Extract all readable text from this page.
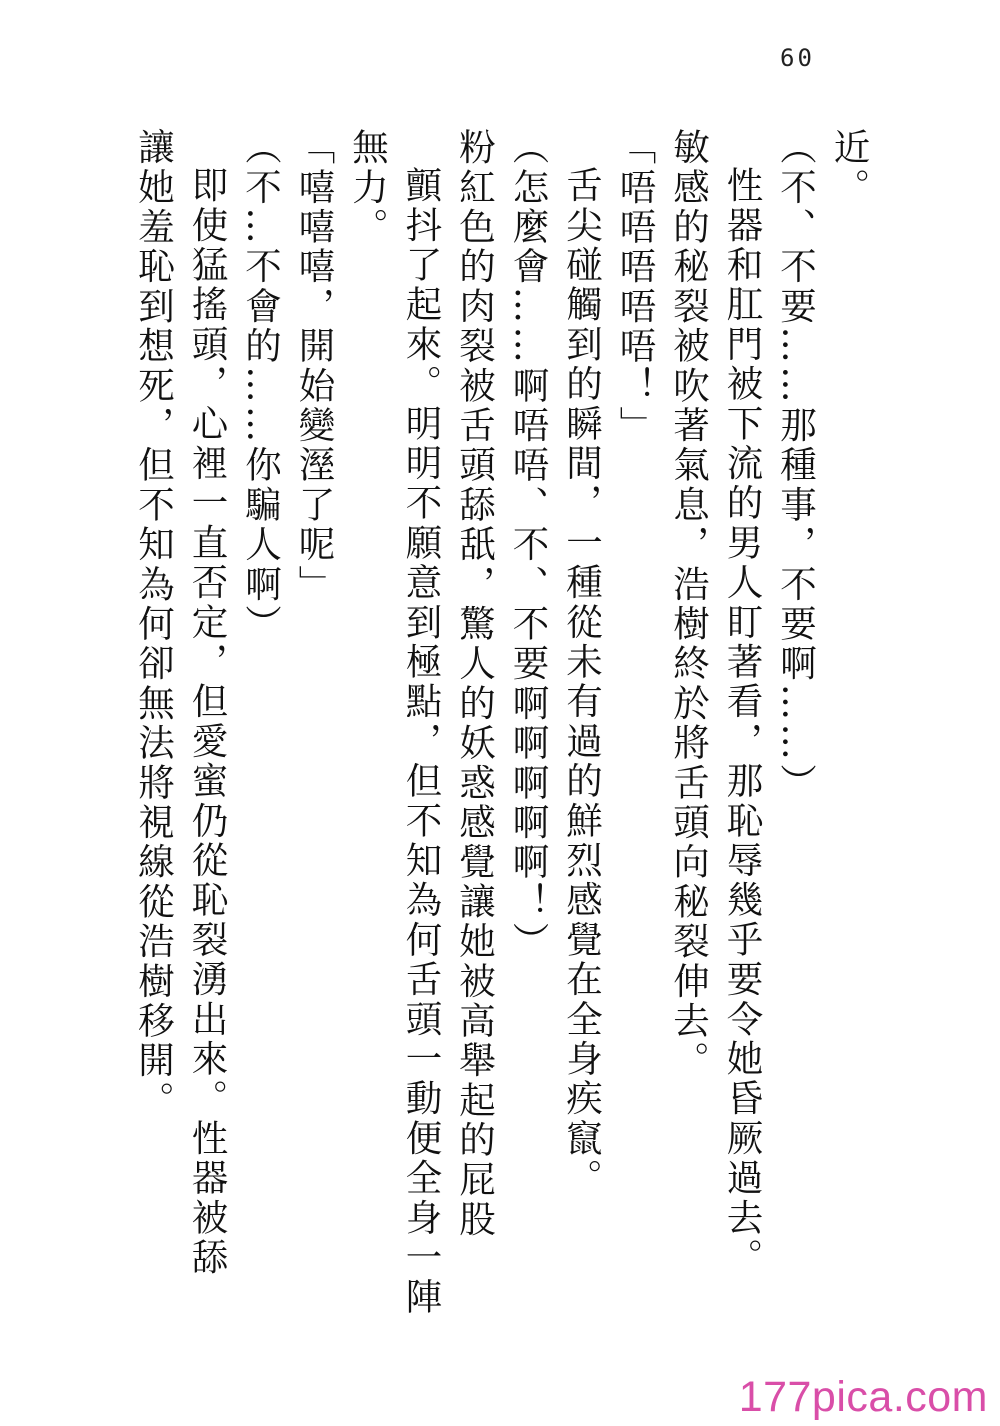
60

近。

（不、不要……那種事，不要啊……）

性器和肛門被下流的男人盯著看，那恥辱幾乎要令她昏厥過去。

敏感的秘裂被吹著氣息，浩樹終於將舌頭向秘裂伸去。

「唔唔唔唔唔！」

舌尖碰觸到的瞬間，一種從未有過的鮮烈感覺在全身疾竄。

（怎麼會……啊唔唔、不、不要啊啊啊啊啊！）

粉紅色的肉裂被舌頭舔舐，驚人的妖惑感覺讓她被高舉起的屁股

顫抖了起來。明明不願意到極點，但不知為何舌頭一動便全身一陣

無力。

「嘻嘻嘻，開始變溼了呢」

（不…不會的……你騙人啊）

即使猛搖頭，心裡一直否定，但愛蜜仍從恥裂湧出來。性器被舔

讓她羞恥到想死，但不知為何卻無法將視線從浩樹移開。

177pica.com
